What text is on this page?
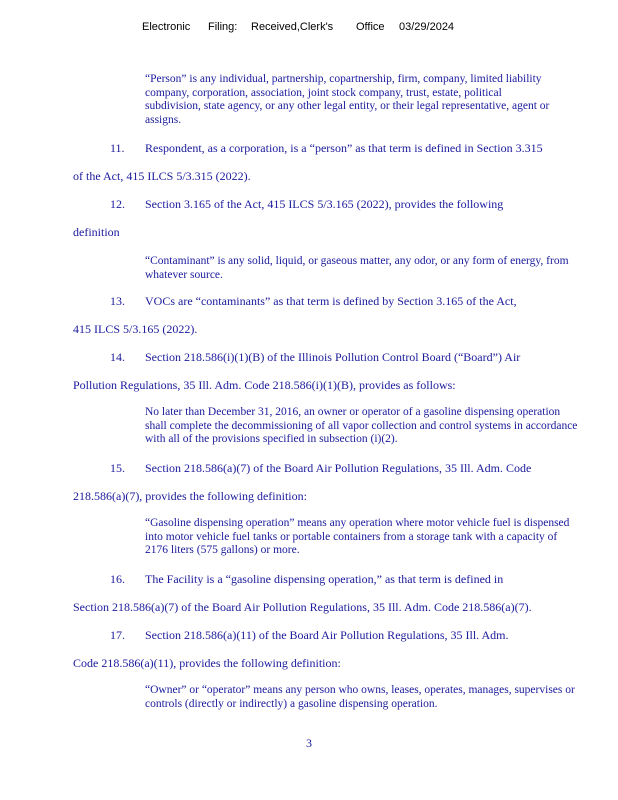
Electronic Filing: Received,Clerk's Office 03/29/2024
“Person” is any individual, partnership, copartnership, firm, company, limited liability company, corporation, association, joint stock company, trust, estate, political subdivision, state agency, or any other legal entity, or their legal representative, agent or assigns.
11. Respondent, as a corporation, is a “person” as that term is defined in Section 3.315
of the Act, 415 ILCS 5/3.315 (2022).
12. Section 3.165 of the Act, 415 ILCS 5/3.165 (2022), provides the following
definition
“Contaminant” is any solid, liquid, or gaseous matter, any odor, or any form of energy, from whatever source.
13. VOCs are “contaminants” as that term is defined by Section 3.165 of the Act,
415 ILCS 5/3.165 (2022).
14. Section 218.586(i)(1)(B) of the Illinois Pollution Control Board (“Board”) Air
Pollution Regulations, 35 Ill. Adm. Code 218.586(i)(1)(B), provides as follows:
No later than December 31, 2016, an owner or operator of a gasoline dispensing operation shall complete the decommissioning of all vapor collection and control systems in accordance with all of the provisions specified in subsection (i)(2).
15. Section 218.586(a)(7) of the Board Air Pollution Regulations, 35 Ill. Adm. Code
218.586(a)(7), provides the following definition:
“Gasoline dispensing operation” means any operation where motor vehicle fuel is dispensed into motor vehicle fuel tanks or portable containers from a storage tank with a capacity of 2176 liters (575 gallons) or more.
16. The Facility is a “gasoline dispensing operation,” as that term is defined in
Section 218.586(a)(7) of the Board Air Pollution Regulations, 35 Ill. Adm. Code 218.586(a)(7).
17. Section 218.586(a)(11) of the Board Air Pollution Regulations, 35 Ill. Adm.
Code 218.586(a)(11), provides the following definition:
“Owner” or “operator” means any person who owns, leases, operates, manages, supervises or controls (directly or indirectly) a gasoline dispensing operation.
3
